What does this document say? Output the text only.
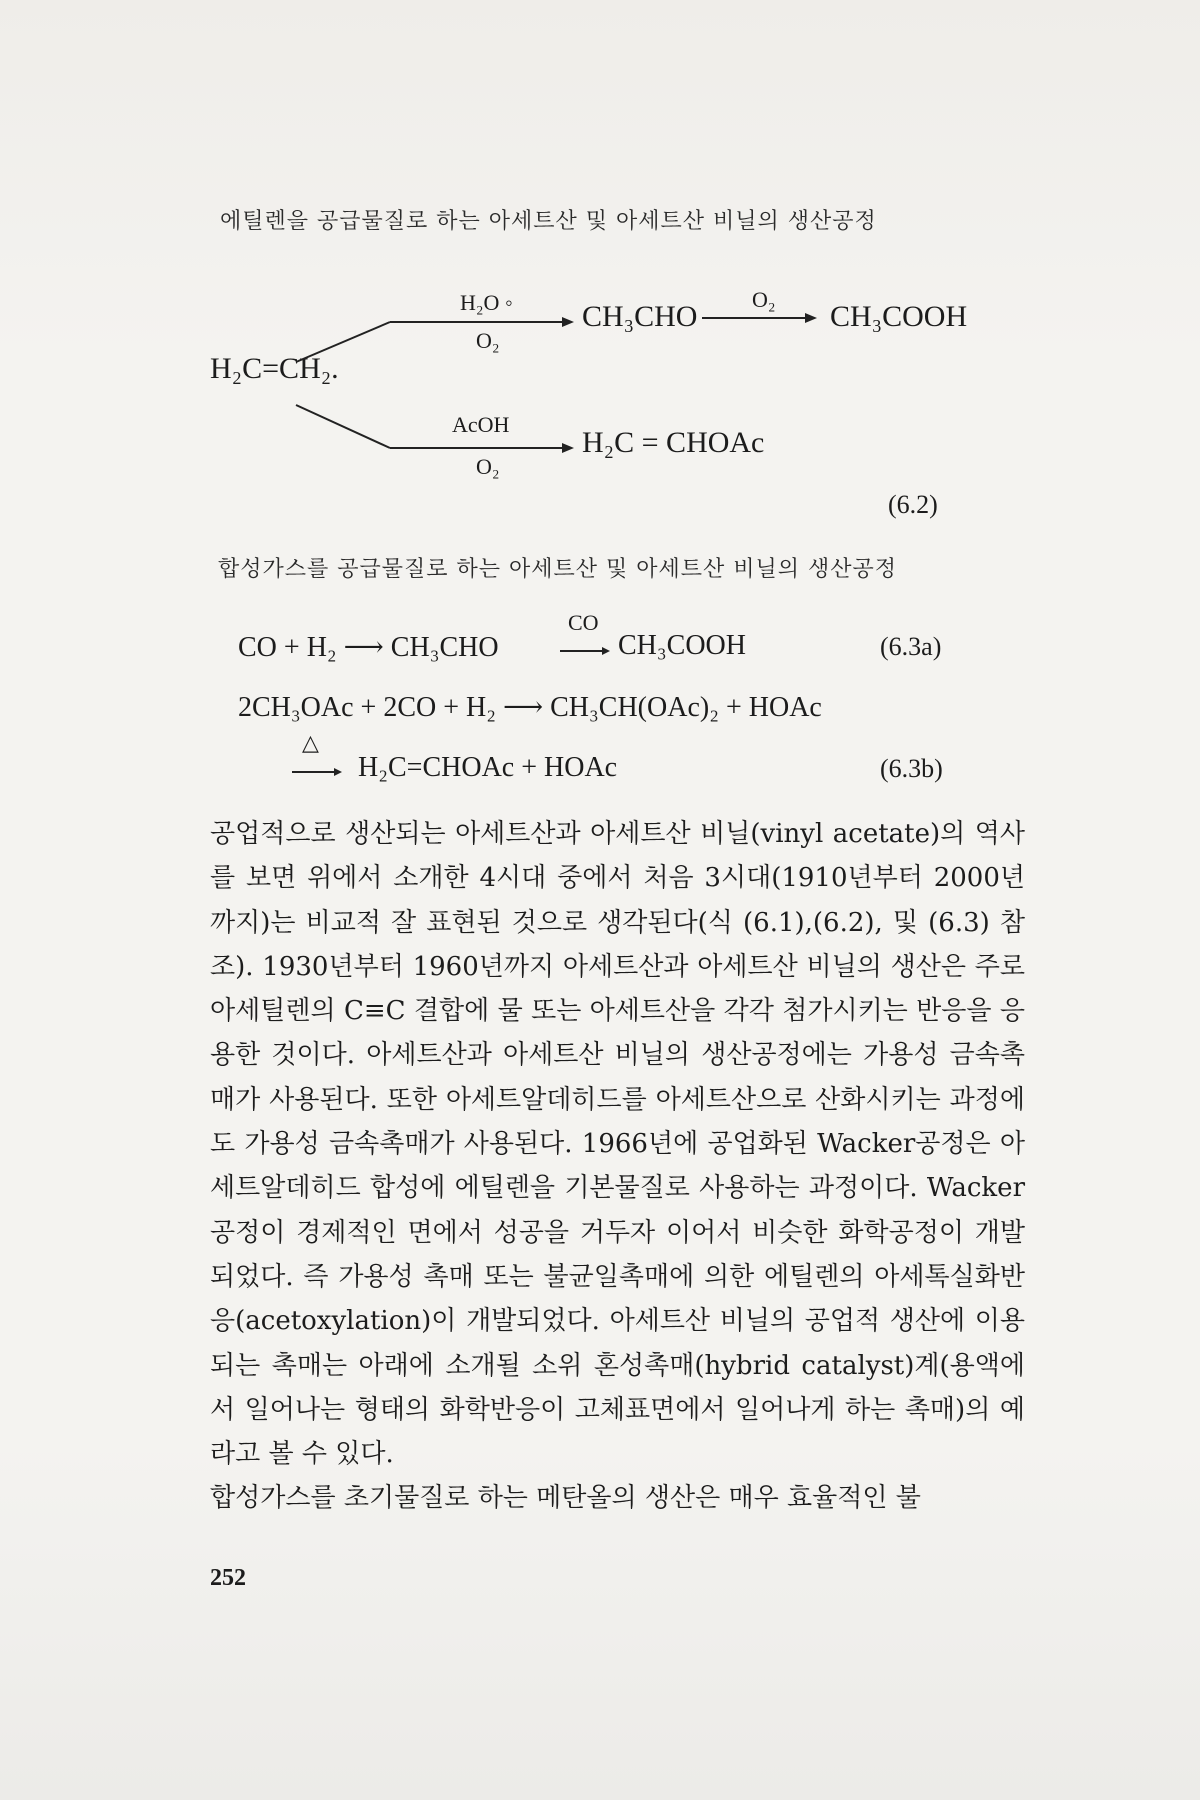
에틸렌을 공급물질로 하는 아세트산 및 아세트산 비닐의 생산공정
H₂C=CH₂.
H₂O ◦
O₂
CH₃CHO
O₂
CH₃COOH
AcOH
O₂
H₂C = CHOAc
(6.2)
합성가스를 공급물질로 하는 아세트산 및 아세트산 비닐의 생산공정
CO + H₂ ⟶ CH₃CHO
CO
CH₃COOH	(6.3a)
2CH₃OAc + 2CO + H₂ ⟶ CH₃CH(OAc)₂ + HOAc
△
H₂C=CHOAc + HOAc	(6.3b)

공업적으로 생산되는 아세트산과 아세트산 비닐(vinyl acetate)의 역사를 보면 위에서 소개한 4시대 중에서 처음 3시대(1910년부터 2000년까지)는 비교적 잘 표현된 것으로 생각된다(식 (6.1),(6.2), 및 (6.3) 참조). 1930년부터 1960년까지 아세트산과 아세트산 비닐의 생산은 주로 아세틸렌의 C≡C 결합에 물 또는 아세트산을 각각 첨가시키는 반응을 응용한 것이다. 아세트산과 아세트산 비닐의 생산공정에는 가용성 금속촉매가 사용된다. 또한 아세트알데히드를 아세트산으로 산화시키는 과정에도 가용성 금속촉매가 사용된다. 1966년에 공업화된 Wacker공정은 아세트알데히드 합성에 에틸렌을 기본물질로 사용하는 과정이다. Wacker공정이 경제적인 면에서 성공을 거두자 이어서 비슷한 화학공정이 개발되었다. 즉 가용성 촉매 또는 불균일촉매에 의한 에틸렌의 아세톡실화반응(acetoxylation)이 개발되었다. 아세트산 비닐의 공업적 생산에 이용되는 촉매는 아래에 소개될 소위 혼성촉매(hybrid catalyst)계(용액에서 일어나는 형태의 화학반응이 고체표면에서 일어나게 하는 촉매)의 예라고 볼 수 있다.

합성가스를 초기물질로 하는 메탄올의 생산은 매우 효율적인 불

252
